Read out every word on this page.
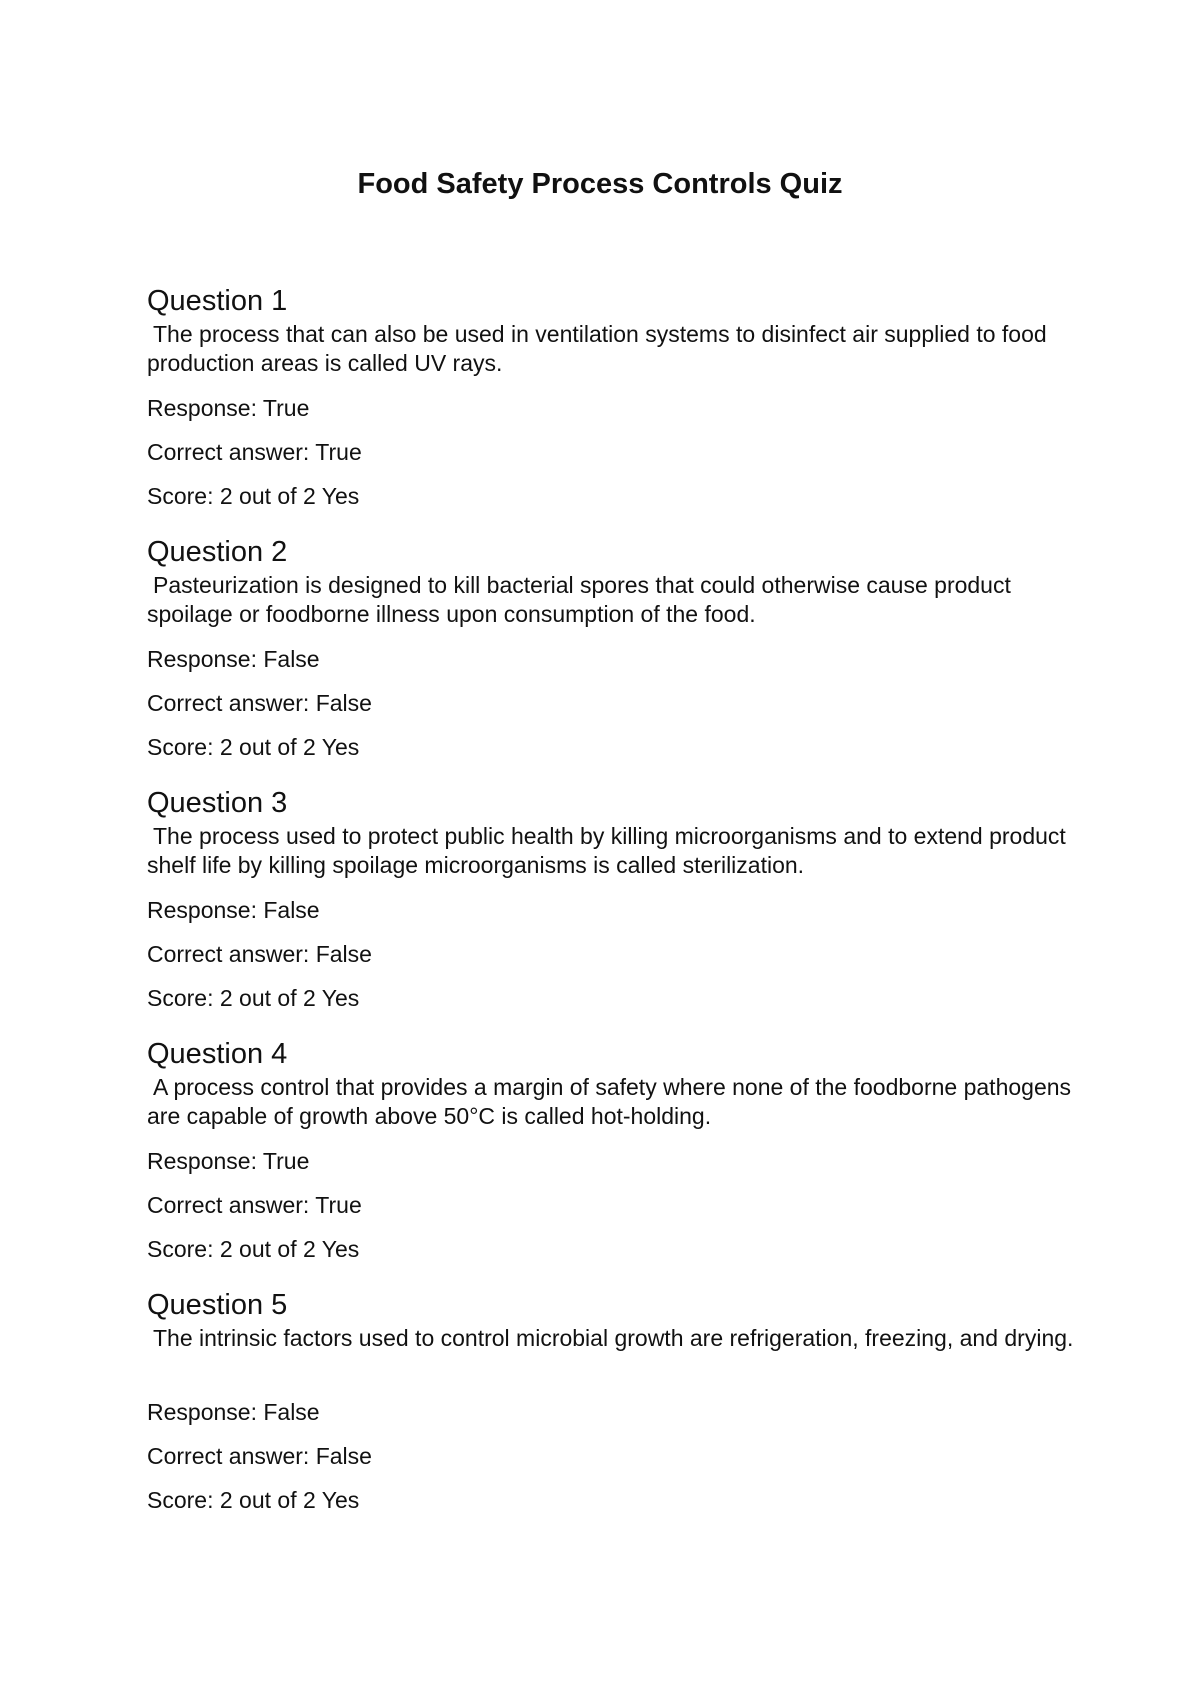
Food Safety Process Controls Quiz
Question 1

The process that can also be used in ventilation systems to disinfect air supplied to food production areas is called UV rays.

Response: True

Correct answer: True

Score: 2 out of 2 Yes

Question 2

Pasteurization is designed to kill bacterial spores that could otherwise cause product spoilage or foodborne illness upon consumption of the food.

Response: False

Correct answer: False

Score: 2 out of 2 Yes

Question 3

The process used to protect public health by killing microorganisms and to extend product shelf life by killing spoilage microorganisms is called sterilization.

Response: False

Correct answer: False

Score: 2 out of 2 Yes

Question 4

A process control that provides a margin of safety where none of the foodborne pathogens are capable of growth above 50°C is called hot-holding.

Response: True

Correct answer: True

Score: 2 out of 2 Yes

Question 5

The intrinsic factors used to control microbial growth are refrigeration, freezing, and drying.

Response: False

Correct answer: False

Score: 2 out of 2 Yes
